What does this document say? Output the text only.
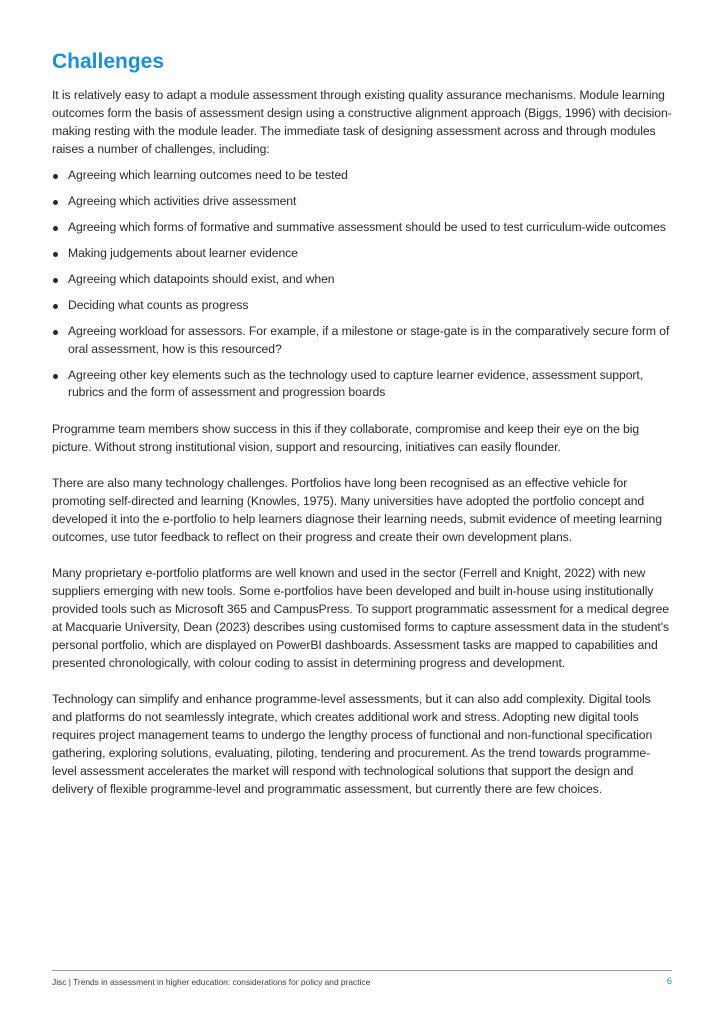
Challenges

It is relatively easy to adapt a module assessment through existing quality assurance mechanisms. Module learning outcomes form the basis of assessment design using a constructive alignment approach (Biggs, 1996) with decision-making resting with the module leader. The immediate task of designing assessment across and through modules raises a number of challenges, including:

Agreeing which learning outcomes need to be tested
Agreeing which activities drive assessment
Agreeing which forms of formative and summative assessment should be used to test curriculum-wide outcomes
Making judgements about learner evidence
Agreeing which datapoints should exist, and when
Deciding what counts as progress
Agreeing workload for assessors. For example, if a milestone or stage-gate is in the comparatively secure form of oral assessment, how is this resourced?
Agreeing other key elements such as the technology used to capture learner evidence, assessment support, rubrics and the form of assessment and progression boards

Programme team members show success in this if they collaborate, compromise and keep their eye on the big picture. Without strong institutional vision, support and resourcing, initiatives can easily flounder.

There are also many technology challenges. Portfolios have long been recognised as an effective vehicle for promoting self-directed and learning (Knowles, 1975). Many universities have adopted the portfolio concept and developed it into the e-portfolio to help learners diagnose their learning needs, submit evidence of meeting learning outcomes, use tutor feedback to reflect on their progress and create their own development plans.

Many proprietary e-portfolio platforms are well known and used in the sector (Ferrell and Knight, 2022) with new suppliers emerging with new tools. Some e-portfolios have been developed and built in-house using institutionally provided tools such as Microsoft 365 and CampusPress. To support programmatic assessment for a medical degree at Macquarie University, Dean (2023) describes using customised forms to capture assessment data in the student's personal portfolio, which are displayed on PowerBI dashboards. Assessment tasks are mapped to capabilities and presented chronologically, with colour coding to assist in determining progress and development.

Technology can simplify and enhance programme-level assessments, but it can also add complexity. Digital tools and platforms do not seamlessly integrate, which creates additional work and stress. Adopting new digital tools requires project management teams to undergo the lengthy process of functional and non-functional specification gathering, exploring solutions, evaluating, piloting, tendering and procurement. As the trend towards programme-level assessment accelerates the market will respond with technological solutions that support the design and delivery of flexible programme-level and programmatic assessment, but currently there are few choices.

Jisc | Trends in assessment in higher education: considerations for policy and practice	6
